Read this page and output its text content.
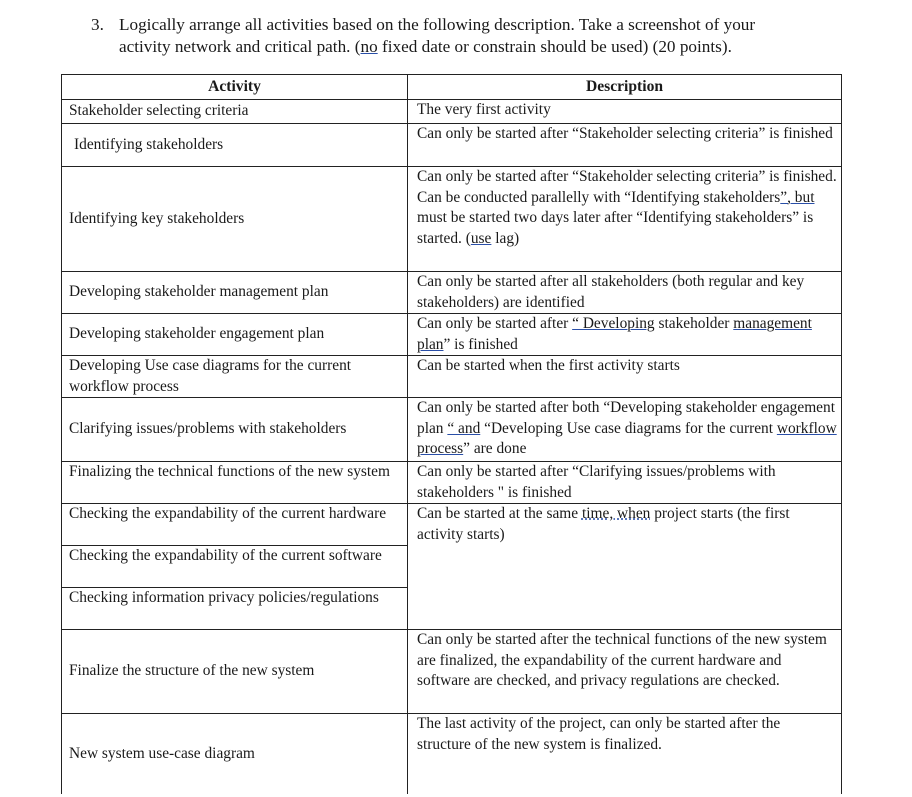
3. Logically arrange all activities based on the following description. Take a screenshot of your
activity network and critical path. (no fixed date or constrain should be used) (20 points).
Activity	Description
Stakeholder selecting criteria	The very first activity
Identifying stakeholders	Can only be started after “Stakeholder selecting criteria” is finished
Identifying key stakeholders	Can only be started after “Stakeholder selecting criteria” is finished.
Can be conducted parallelly with “Identifying stakeholders”, but must be started two days later after “Identifying stakeholders” is started. (use lag)
Developing stakeholder management plan	Can only be started after all stakeholders (both regular and key stakeholders) are identified
Developing stakeholder engagement plan	Can only be started after “ Developing stakeholder management plan” is finished
Developing Use case diagrams for the current workflow process	Can be started when the first activity starts
Clarifying issues/problems with stakeholders	Can only be started after both “Developing stakeholder engagement plan “ and “Developing Use case diagrams for the current workflow process” are done
Finalizing the technical functions of the new system	Can only be started after “Clarifying issues/problems with stakeholders " is finished
Checking the expandability of the current hardware	Can be started at the same time, when project starts (the first activity starts)
Checking the expandability of the current software	
Checking information privacy policies/regulations	
Finalize the structure of the new system	Can only be started after the technical functions of the new system are finalized, the expandability of the current hardware and software are checked, and privacy regulations are checked.
New system use-case diagram	The last activity of the project, can only be started after the structure of the new system is finalized.
